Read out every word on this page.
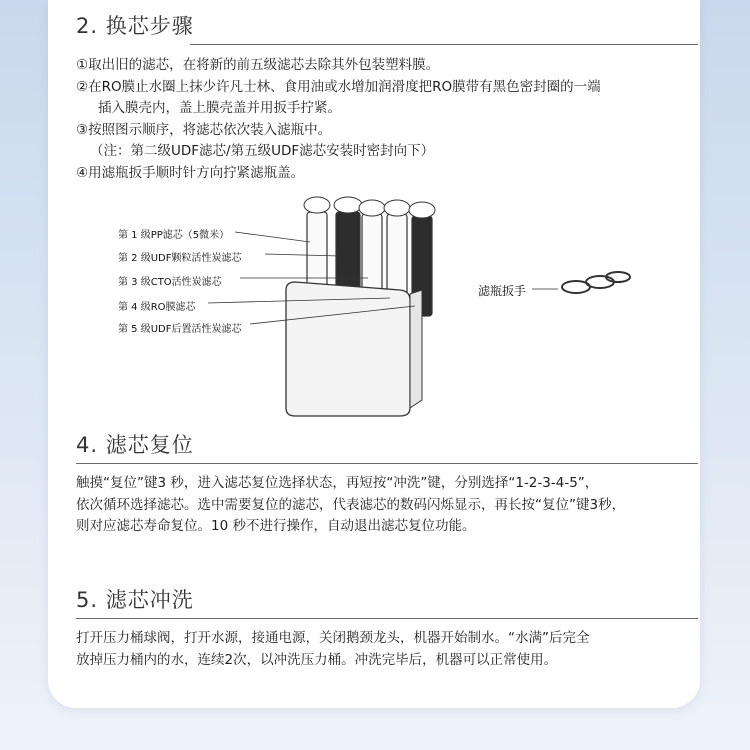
2. 换芯步骤
①取出旧的滤芯，在将新的前五级滤芯去除其外包装塑料膜。
②在RO膜止水圈上抹少许凡士林、食用油或水增加润滑度把RO膜带有黑色密封圈的一端
插入膜壳内，盖上膜壳盖并用扳手拧紧。
③按照图示顺序，将滤芯依次装入滤瓶中。
（注：第二级UDF滤芯/第五级UDF滤芯安装时密封向下）
④用滤瓶扳手顺时针方向拧紧滤瓶盖。
第 1 级PP滤芯（5微米）
第 2 级UDF颗粒活性炭滤芯
第 3 级CTO活性炭滤芯
第 4 级RO膜滤芯
第 5 级UDF后置活性炭滤芯
滤瓶扳手
4. 滤芯复位
触摸“复位”键3 秒，进入滤芯复位选择状态，再短按“冲洗”键，分别选择“1-2-3-4-5”，
依次循环选择滤芯。选中需要复位的滤芯，代表滤芯的数码闪烁显示，再长按“复位”键3秒，
则对应滤芯寿命复位。10 秒不进行操作，自动退出滤芯复位功能。
5. 滤芯冲洗
打开压力桶球阀，打开水源，接通电源，关闭鹅颈龙头，机器开始制水。“水满”后完全
放掉压力桶内的水，连续2次，以冲洗压力桶。冲洗完毕后，机器可以正常使用。
